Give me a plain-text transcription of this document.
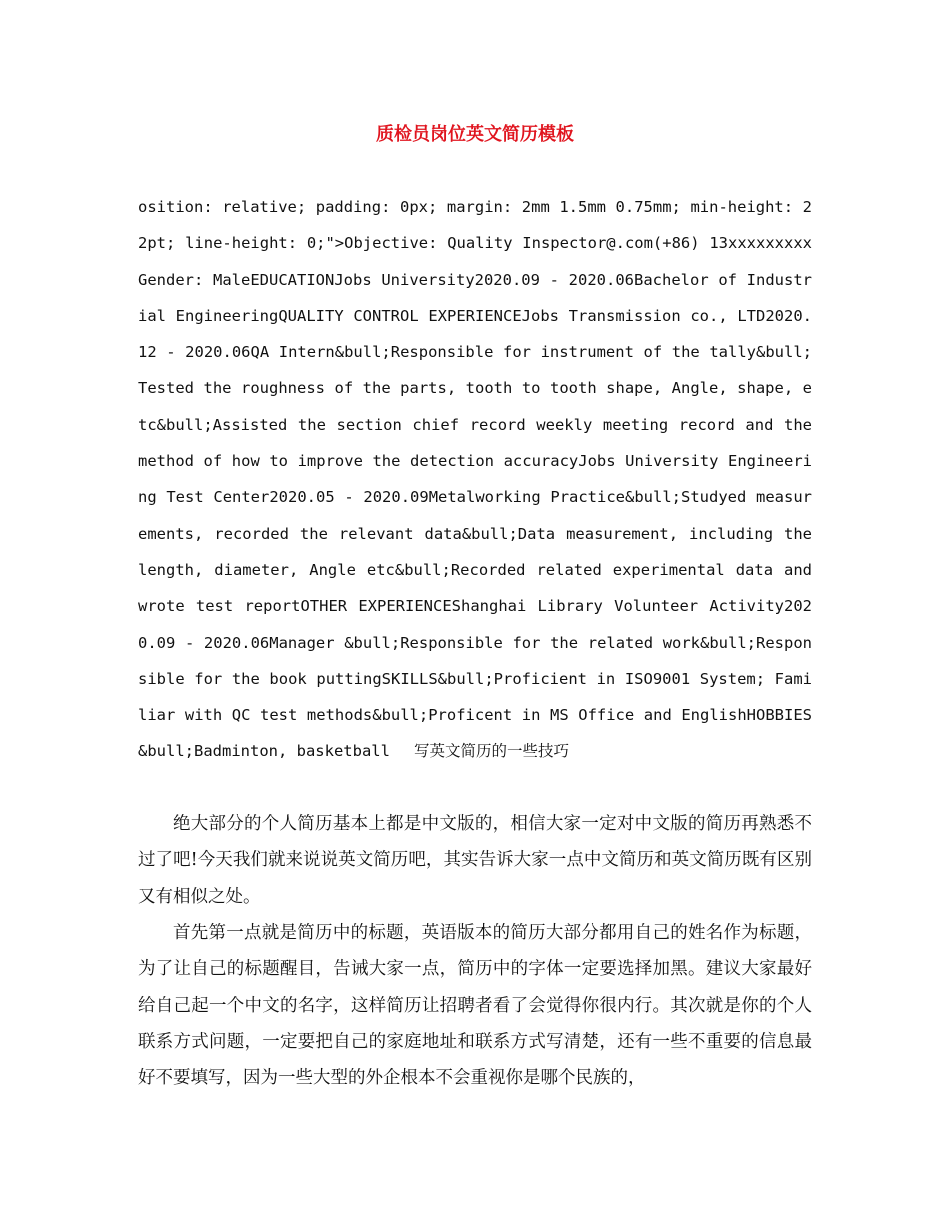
质检员岗位英文简历模板

osition: relative; padding: 0px; margin: 2mm 1.5mm 0.75mm; min-height: 22pt; line-height: 0;">Objective: Quality Inspector@.com(+86) 13xxxxxxxxxGender: MaleEDUCATIONJobs University2020.09 - 2020.06Bachelor of Industrial EngineeringQUALITY CONTROL EXPERIENCEJobs Transmission co., LTD2020.12 - 2020.06QA Intern&bull;Responsible for instrument of the tally&bull;Tested the roughness of the parts, tooth to tooth shape, Angle, shape, etc&bull;Assisted the section chief record weekly meeting record and the method of how to improve the detection accuracyJobs University Engineering Test Center2020.05 - 2020.09Metalworking Practice&bull;Studyed measurements, recorded the relevant data&bull;Data measurement, including the length, diameter, Angle etc&bull;Recorded related experimental data and wrote test reportOTHER EXPERIENCEShanghai Library Volunteer Activity2020.09 - 2020.06Manager &bull;Responsible for the related work&bull;Responsible for the book puttingSKILLS&bull;Proficient in ISO9001 System; Familiar with QC test methods&bull;Proficent in MS Office and EnglishHOBBIES&bull;Badminton, basketball 写英文简历的一些技巧

绝大部分的个人简历基本上都是中文版的，相信大家一定对中文版的简历再熟悉不过了吧!今天我们就来说说英文简历吧，其实告诉大家一点中文简历和英文简历既有区别又有相似之处。

首先第一点就是简历中的标题，英语版本的简历大部分都用自己的姓名作为标题，为了让自己的标题醒目，告诫大家一点，简历中的字体一定要选择加黑。建议大家最好给自己起一个中文的名字，这样简历让招聘者看了会觉得你很内行。其次就是你的个人联系方式问题，一定要把自己的家庭地址和联系方式写清楚，还有一些不重要的信息最好不要填写，因为一些大型的外企根本不会重视你是哪个民族的，
